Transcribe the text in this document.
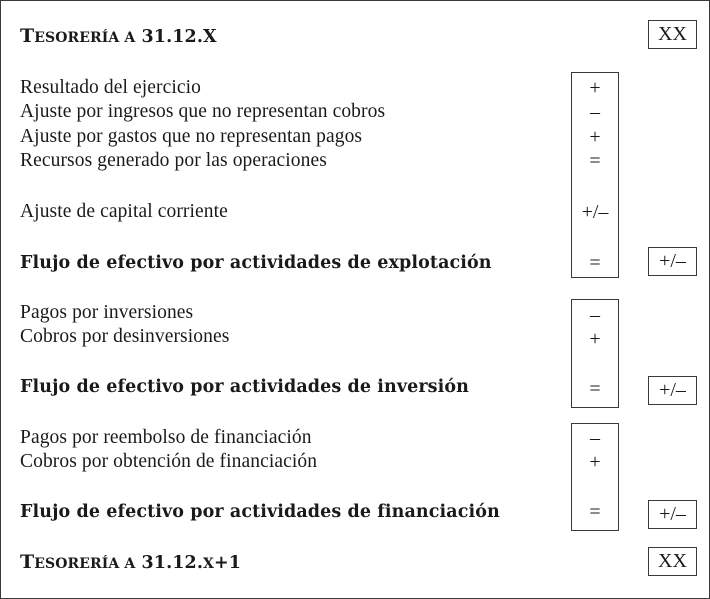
TESORERÍA A 31.12.X	XX
Resultado del ejercicio	+
Ajuste por ingresos que no representan cobros	–
Ajuste por gastos que no representan pagos	+
Recursos generado por las operaciones	=
Ajuste de capital corriente	+/–
Flujo de efectivo por actividades de explotación	=	+/–
Pagos por inversiones	–
Cobros por desinversiones	+
Flujo de efectivo por actividades de inversión	=	+/–
Pagos por reembolso de financiación	–
Cobros por obtención de financiación	+
Flujo de efectivo por actividades de financiación	=	+/–
TESORERÍA A 31.12.X+1	XX
